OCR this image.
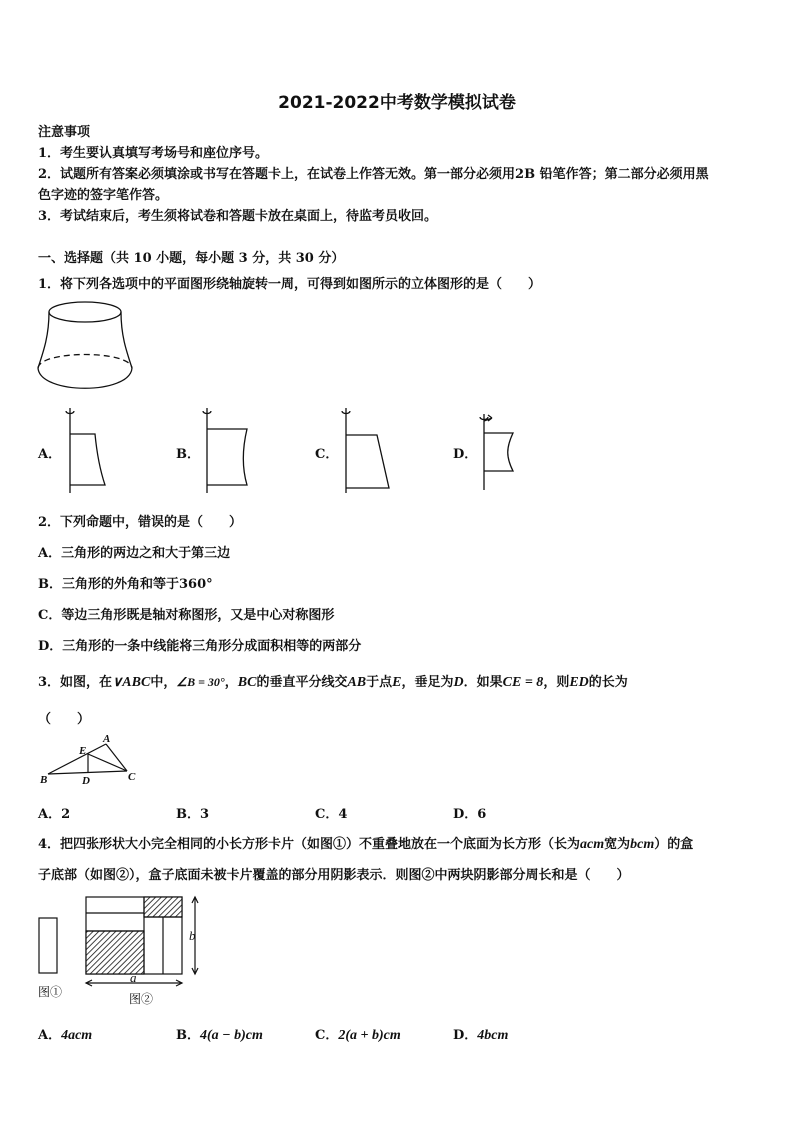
2021-2022中考数学模拟试卷
注意事项
1．考生要认真填写考场号和座位序号。
2．试题所有答案必须填涂或书写在答题卡上，在试卷上作答无效。第一部分必须用2B 铅笔作答；第二部分必须用黑
色字迹的签字笔作答。
3．考试结束后，考生须将试卷和答题卡放在桌面上，待监考员收回。
一、选择题（共 10 小题，每小题 3 分，共 30 分）
1．将下列各选项中的平面图形绕轴旋转一周，可得到如图所示的立体图形的是（　　）
A．	B．	C．	D．
2．下列命题中，错误的是（　　）
A．三角形的两边之和大于第三边
B．三角形的外角和等于360°
C．等边三角形既是轴对称图形，又是中心对称图形
D．三角形的一条中线能将三角形分成面积相等的两部分
3．如图，在∨ABC中，∠B = 30°，BC的垂直平分线交AB于点E，垂足为D．如果CE = 8，则ED的长为
（　　）
A
E
B	D	C
A．2	B．3	C．4	D．6
4．把四张形状大小完全相同的小长方形卡片（如图①）不重叠地放在一个底面为长方形（长为acm宽为bcm）的盒
子底部（如图②），盒子底面未被卡片覆盖的部分用阴影表示．则图②中两块阴影部分周长和是（　　）
b
a
图①	图②
A．4acm	B．4(a − b)cm	C．2(a + b)cm	D．4bcm
